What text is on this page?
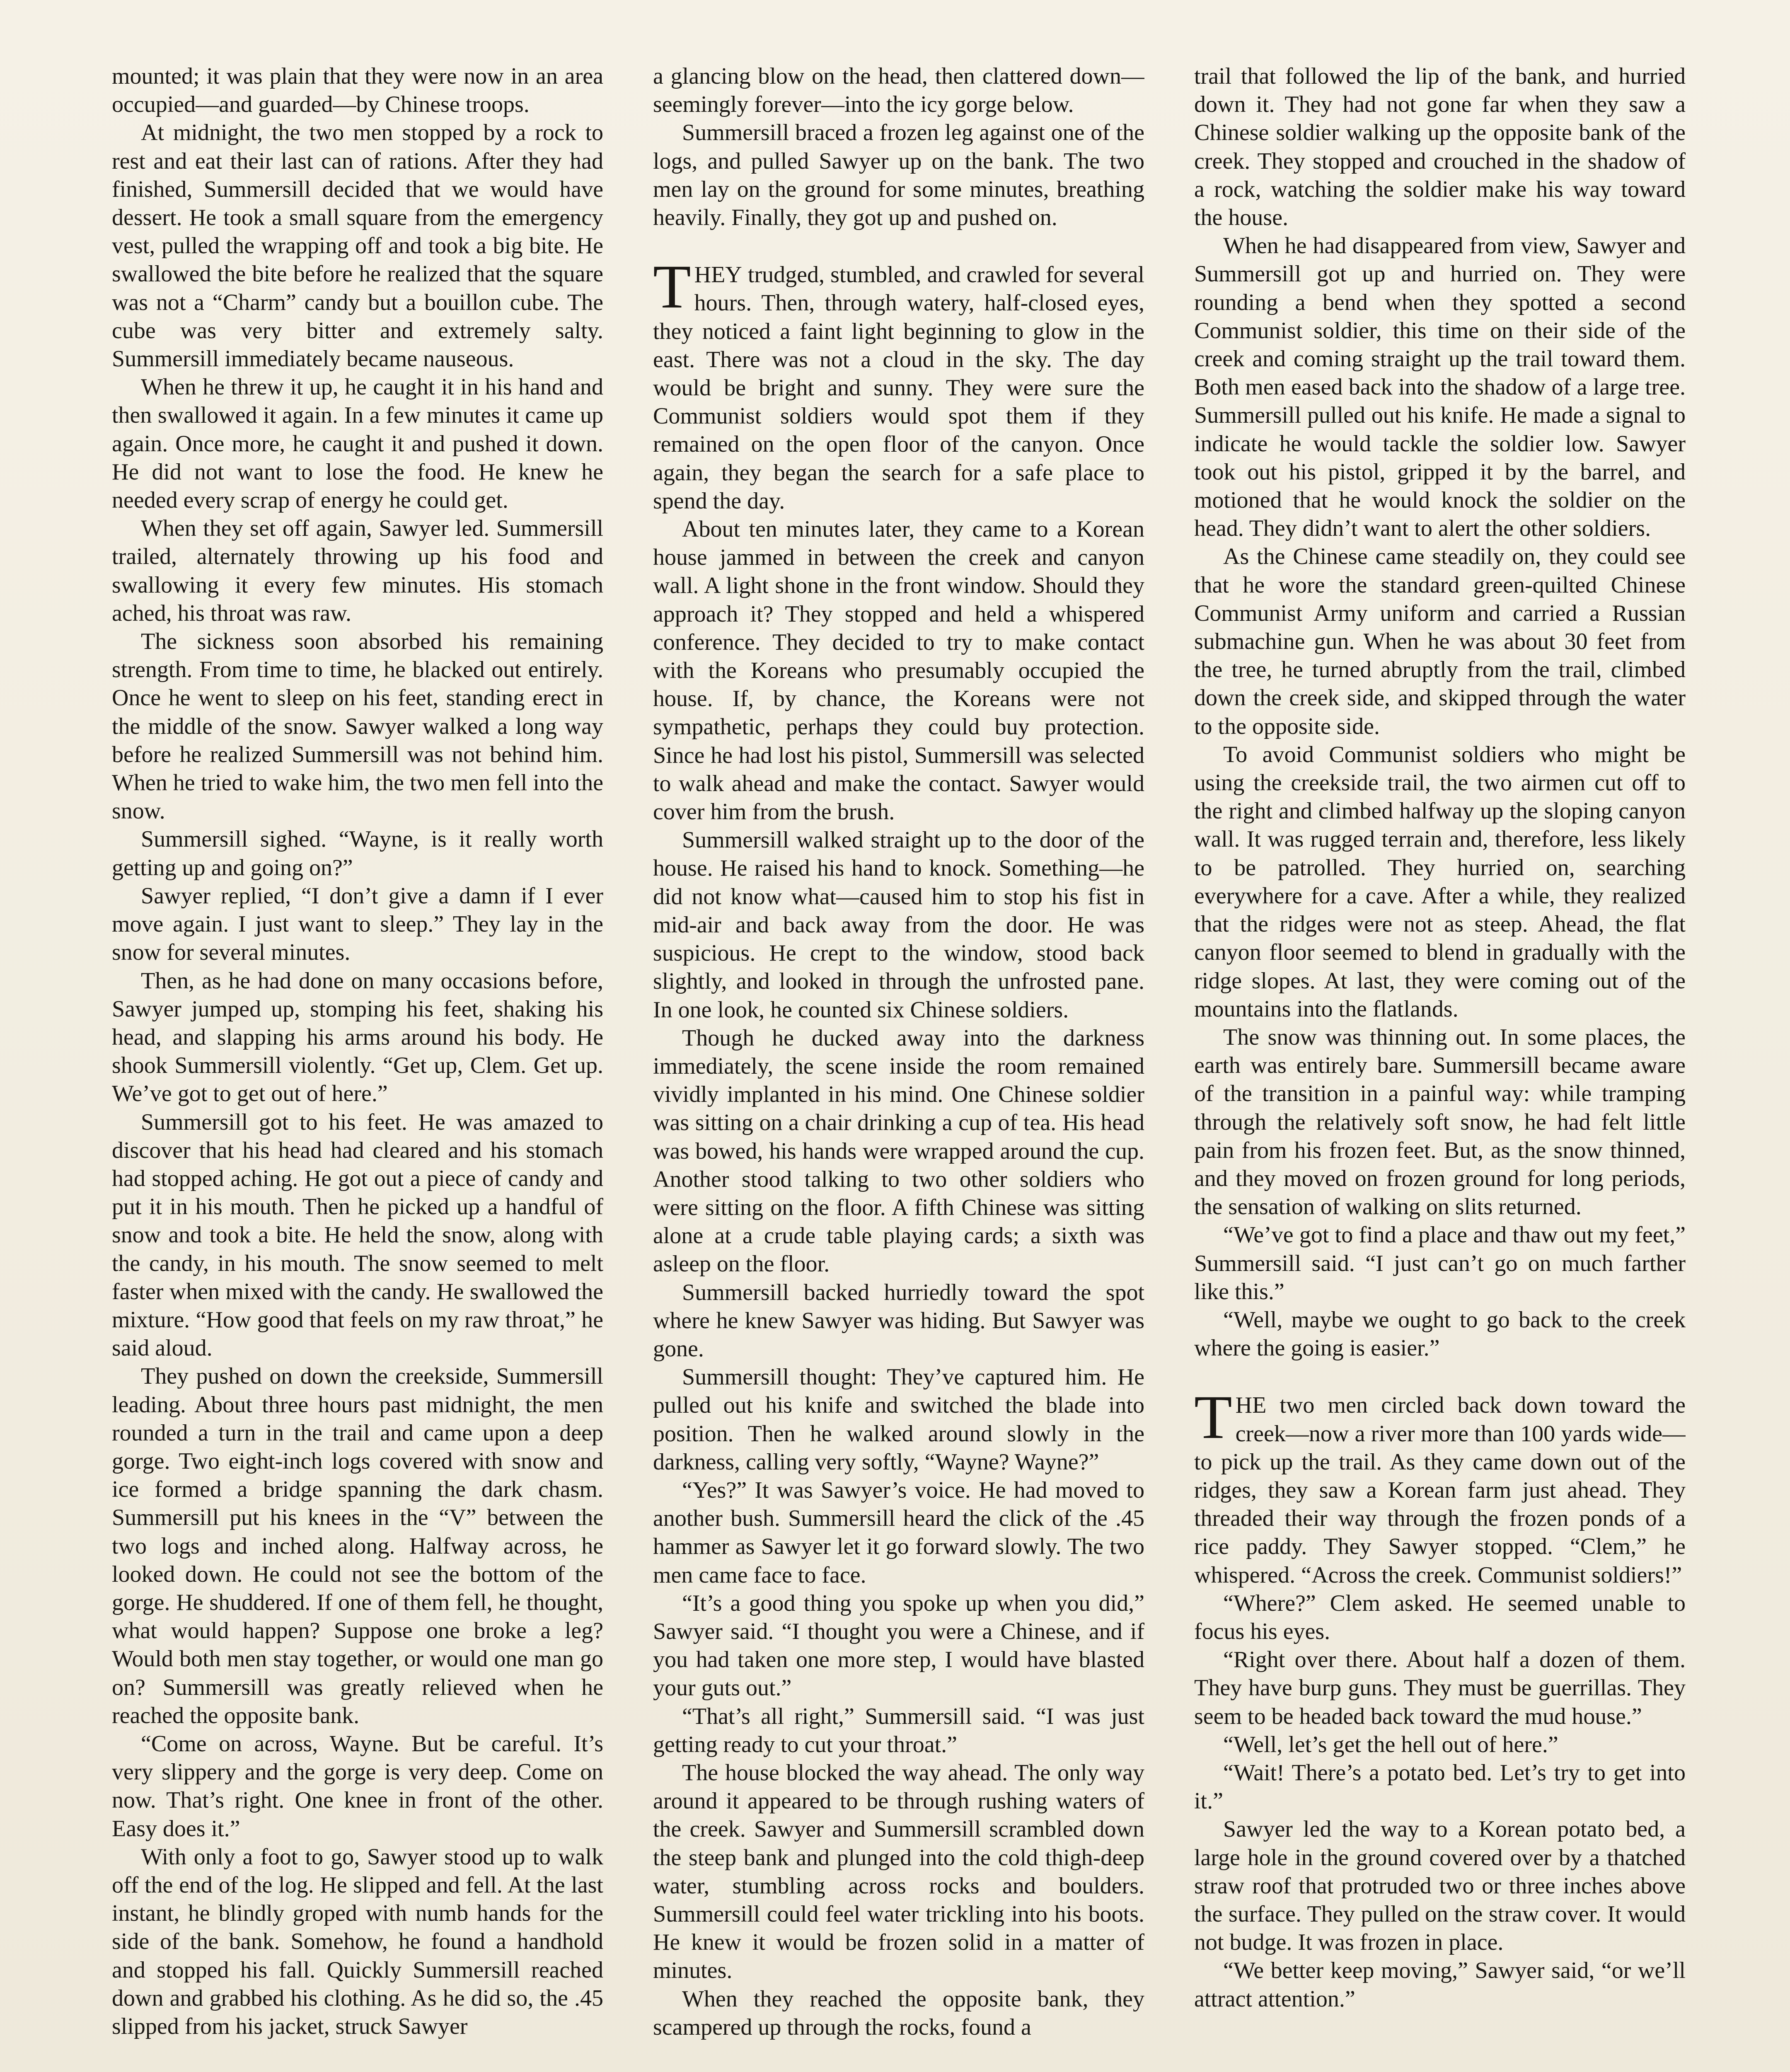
mounted; it was plain that they were now in an area occupied—and guarded—by Chinese troops.

At midnight, the two men stopped by a rock to rest and eat their last can of rations. After they had finished, Summersill decided that we would have dessert. He took a small square from the emergency vest, pulled the wrapping off and took a big bite. He swallowed the bite before he realized that the square was not a “Charm” candy but a bouillon cube. The cube was very bitter and extremely salty. Summersill immediately became nauseous.

When he threw it up, he caught it in his hand and then swallowed it again. In a few minutes it came up again. Once more, he caught it and pushed it down. He did not want to lose the food. He knew he needed every scrap of energy he could get.

When they set off again, Sawyer led. Summersill trailed, alternately throwing up his food and swallowing it every few minutes. His stomach ached, his throat was raw.

The sickness soon absorbed his remaining strength. From time to time, he blacked out entirely. Once he went to sleep on his feet, standing erect in the middle of the snow. Sawyer walked a long way before he realized Summersill was not behind him. When he tried to wake him, the two men fell into the snow.

Summersill sighed. “Wayne, is it really worth getting up and going on?”

Sawyer replied, “I don’t give a damn if I ever move again. I just want to sleep.” They lay in the snow for several minutes.

Then, as he had done on many occasions before, Sawyer jumped up, stomping his feet, shaking his head, and slapping his arms around his body. He shook Summersill violently. “Get up, Clem. Get up. We’ve got to get out of here.”

Summersill got to his feet. He was amazed to discover that his head had cleared and his stomach had stopped aching. He got out a piece of candy and put it in his mouth. Then he picked up a handful of snow and took a bite. He held the snow, along with the candy, in his mouth. The snow seemed to melt faster when mixed with the candy. He swallowed the mixture. “How good that feels on my raw throat,” he said aloud.

They pushed on down the creekside, Summersill leading. About three hours past midnight, the men rounded a turn in the trail and came upon a deep gorge. Two eight-inch logs covered with snow and ice formed a bridge spanning the dark chasm. Summersill put his knees in the “V” between the two logs and inched along. Halfway across, he looked down. He could not see the bottom of the gorge. He shuddered. If one of them fell, he thought, what would happen? Suppose one broke a leg? Would both men stay together, or would one man go on? Summersill was greatly relieved when he reached the opposite bank.

“Come on across, Wayne. But be careful. It’s very slippery and the gorge is very deep. Come on now. That’s right. One knee in front of the other. Easy does it.”

With only a foot to go, Sawyer stood up to walk off the end of the log. He slipped and fell. At the last instant, he blindly groped with numb hands for the side of the bank. Somehow, he found a handhold and stopped his fall. Quickly Summersill reached down and grabbed his clothing. As he did so, the .45 slipped from his jacket, struck Sawyer

a glancing blow on the head, then clattered down—seemingly forever—into the icy gorge below.

Summersill braced a frozen leg against one of the logs, and pulled Sawyer up on the bank. The two men lay on the ground for some minutes, breathing heavily. Finally, they got up and pushed on.

THEY trudged, stumbled, and crawled for several hours. Then, through watery, half-closed eyes, they noticed a faint light beginning to glow in the east. There was not a cloud in the sky. The day would be bright and sunny. They were sure the Communist soldiers would spot them if they remained on the open floor of the canyon. Once again, they began the search for a safe place to spend the day.

About ten minutes later, they came to a Korean house jammed in between the creek and canyon wall. A light shone in the front window. Should they approach it? They stopped and held a whispered conference. They decided to try to make contact with the Koreans who presumably occupied the house. If, by chance, the Koreans were not sympathetic, perhaps they could buy protection. Since he had lost his pistol, Summersill was selected to walk ahead and make the contact. Sawyer would cover him from the brush.

Summersill walked straight up to the door of the house. He raised his hand to knock. Something—he did not know what—caused him to stop his fist in mid-air and back away from the door. He was suspicious. He crept to the window, stood back slightly, and looked in through the unfrosted pane. In one look, he counted six Chinese soldiers.

Though he ducked away into the darkness immediately, the scene inside the room remained vividly implanted in his mind. One Chinese soldier was sitting on a chair drinking a cup of tea. His head was bowed, his hands were wrapped around the cup. Another stood talking to two other soldiers who were sitting on the floor. A fifth Chinese was sitting alone at a crude table playing cards; a sixth was asleep on the floor.

Summersill backed hurriedly toward the spot where he knew Sawyer was hiding. But Sawyer was gone.

Summersill thought: They’ve captured him. He pulled out his knife and switched the blade into position. Then he walked around slowly in the darkness, calling very softly, “Wayne? Wayne?”

“Yes?” It was Sawyer’s voice. He had moved to another bush. Summersill heard the click of the .45 hammer as Sawyer let it go forward slowly. The two men came face to face.

“It’s a good thing you spoke up when you did,” Sawyer said. “I thought you were a Chinese, and if you had taken one more step, I would have blasted your guts out.”

“That’s all right,” Summersill said. “I was just getting ready to cut your throat.”

The house blocked the way ahead. The only way around it appeared to be through rushing waters of the creek. Sawyer and Summersill scrambled down the steep bank and plunged into the cold thigh-deep water, stumbling across rocks and boulders. Summersill could feel water trickling into his boots. He knew it would be frozen solid in a matter of minutes.

When they reached the opposite bank, they scampered up through the rocks, found a

trail that followed the lip of the bank, and hurried down it. They had not gone far when they saw a Chinese soldier walking up the opposite bank of the creek. They stopped and crouched in the shadow of a rock, watching the soldier make his way toward the house.

When he had disappeared from view, Sawyer and Summersill got up and hurried on. They were rounding a bend when they spotted a second Communist soldier, this time on their side of the creek and coming straight up the trail toward them. Both men eased back into the shadow of a large tree. Summersill pulled out his knife. He made a signal to indicate he would tackle the soldier low. Sawyer took out his pistol, gripped it by the barrel, and motioned that he would knock the soldier on the head. They didn’t want to alert the other soldiers.

As the Chinese came steadily on, they could see that he wore the standard green-quilted Chinese Communist Army uniform and carried a Russian submachine gun. When he was about 30 feet from the tree, he turned abruptly from the trail, climbed down the creek side, and skipped through the water to the opposite side.

To avoid Communist soldiers who might be using the creekside trail, the two airmen cut off to the right and climbed halfway up the sloping canyon wall. It was rugged terrain and, therefore, less likely to be patrolled. They hurried on, searching everywhere for a cave. After a while, they realized that the ridges were not as steep. Ahead, the flat canyon floor seemed to blend in gradually with the ridge slopes. At last, they were coming out of the mountains into the flatlands.

The snow was thinning out. In some places, the earth was entirely bare. Summersill became aware of the transition in a painful way: while tramping through the relatively soft snow, he had felt little pain from his frozen feet. But, as the snow thinned, and they moved on frozen ground for long periods, the sensation of walking on slits returned.

“We’ve got to find a place and thaw out my feet,” Summersill said. “I just can’t go on much farther like this.”

“Well, maybe we ought to go back to the creek where the going is easier.”

THE two men circled back down toward the creek—now a river more than 100 yards wide—to pick up the trail. As they came down out of the ridges, they saw a Korean farm just ahead. They threaded their way through the frozen ponds of a rice paddy. They Sawyer stopped. “Clem,” he whispered. “Across the creek. Communist soldiers!”

“Where?” Clem asked. He seemed unable to focus his eyes.

“Right over there. About half a dozen of them. They have burp guns. They must be guerrillas. They seem to be headed back toward the mud house.”

“Well, let’s get the hell out of here.”

“Wait! There’s a potato bed. Let’s try to get into it.”

Sawyer led the way to a Korean potato bed, a large hole in the ground covered over by a thatched straw roof that protruded two or three inches above the surface. They pulled on the straw cover. It would not budge. It was frozen in place.

“We better keep moving,” Sawyer said, “or we’ll attract attention.”
